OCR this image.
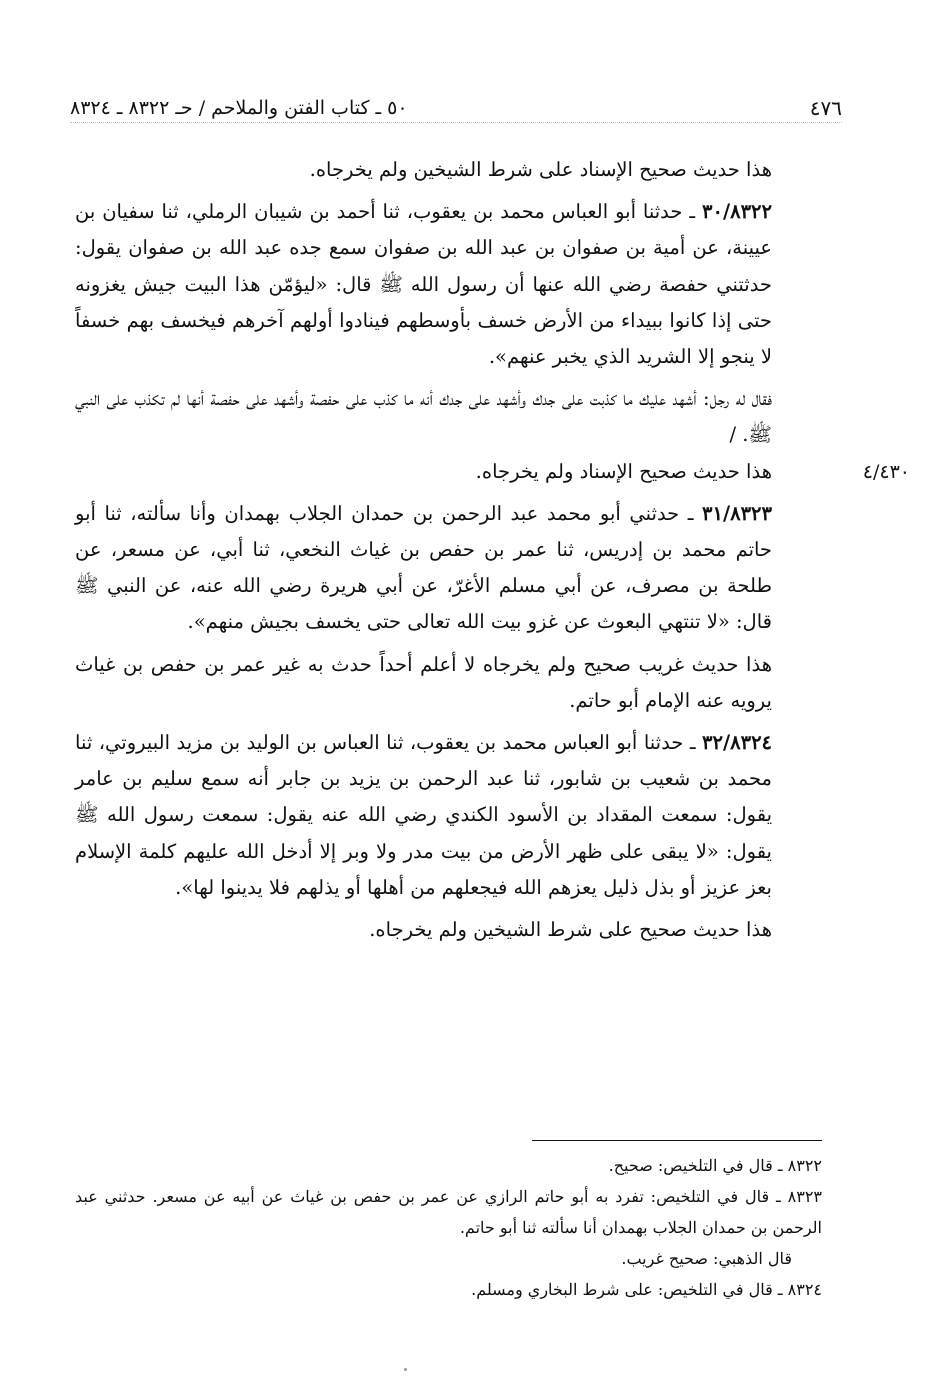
٤٧٦
٥٠ ـ كتاب الفتن والملاحم / حـ ٨٣٢٢ ـ ٨٣٢٤
٤/٤٣٠

هذا حديث صحيح الإسناد على شرط الشيخين ولم يخرجاه.

٣٠/٨٣٢٢ ـ حدثنا أبو العباس محمد بن يعقوب، ثنا أحمد بن شيبان الرملي، ثنا سفيان بن عيينة، عن أمية بن صفوان بن عبد الله بن صفوان سمع جده عبد الله بن صفوان يقول: حدثتني حفصة رضي الله عنها أن رسول الله ﷺ قال: «ليؤمّن هذا البيت جيش يغزونه حتى إذا كانوا ببيداء من الأرض خسف بأوسطهم فينادوا أولهم آخرهم فيخسف بهم خسفاً لا ينجو إلا الشريد الذي يخبر عنهم».

فقال له رجل: أشهد عليك ما كذبت على جدك وأشهد على جدك أنه ما كذب على حفصة وأشهد على حفصة أنها لم تكذب على النبي ﷺ. /

هذا حديث صحيح الإسناد ولم يخرجاه.

٣١/٨٣٢٣ ـ حدثني أبو محمد عبد الرحمن بن حمدان الجلاب بهمدان وأنا سألته، ثنا أبو حاتم محمد بن إدريس، ثنا عمر بن حفص بن غياث النخعي، ثنا أبي، عن مسعر، عن طلحة بن مصرف، عن أبي مسلم الأغرّ، عن أبي هريرة رضي الله عنه، عن النبي ﷺ قال: «لا تنتهي البعوث عن غزو بيت الله تعالى حتى يخسف بجيش منهم».

هذا حديث غريب صحيح ولم يخرجاه لا أعلم أحداً حدث به غير عمر بن حفص بن غياث يرويه عنه الإمام أبو حاتم.

٣٢/٨٣٢٤ ـ حدثنا أبو العباس محمد بن يعقوب، ثنا العباس بن الوليد بن مزيد البيروتي، ثنا محمد بن شعيب بن شابور، ثنا عبد الرحمن بن يزيد بن جابر أنه سمع سليم بن عامر يقول: سمعت المقداد بن الأسود الكندي رضي الله عنه يقول: سمعت رسول الله ﷺ يقول: «لا يبقى على ظهر الأرض من بيت مدر ولا وبر إلا أدخل الله عليهم كلمة الإسلام بعز عزيز أو بذل ذليل يعزهم الله فيجعلهم من أهلها أو يذلهم فلا يدينوا لها».

هذا حديث صحيح على شرط الشيخين ولم يخرجاه.

٨٣٢٢ ـ قال في التلخيص: صحيح.

٨٣٢٣ ـ قال في التلخيص: تفرد به أبو حاتم الرازي عن عمر بن حفص بن غياث عن أبيه عن مسعر. حدثني عبد الرحمن بن حمدان الجلاب بهمدان أنا سألته ثنا أبو حاتم.

قال الذهبي: صحيح غريب.

٨٣٢٤ ـ قال في التلخيص: على شرط البخاري ومسلم.
